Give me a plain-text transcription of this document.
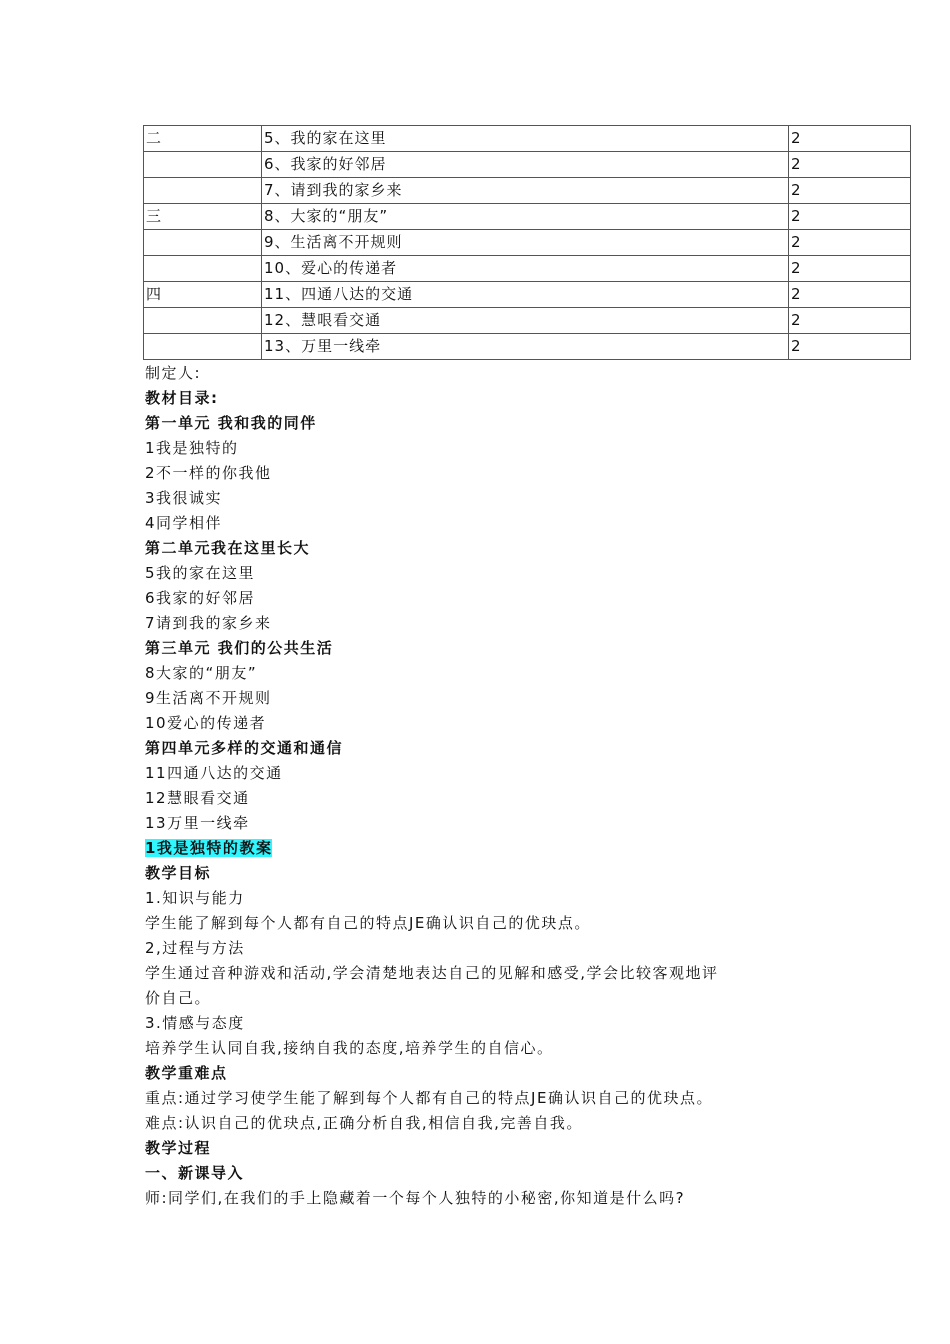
二	5、我的家在这里	2
	6、我家的好邻居	2
	7、请到我的家乡来	2
三	8、大家的“朋友”	2
	9、生活离不开规则	2
	10、爱心的传递者	2
四	11、四通八达的交通	2
	12、慧哏看交通	2
	13、万里一线牵	2
制定人:
教材目录:
第一单元 我和我的同伴
1我是独特的
2不一样的你我他
3我很诚实
4同学相伴
第二单元我在这里长大
5我的家在这里
6我家的好邻居
7请到我的家乡来
第三单元 我们的公共生活
8大家的“朋友”
9生活离不开规则
10爱心的传递者
第四单元多样的交通和通信
11四通八达的交通
12慧眼看交通
13万里一线牵
1我是独特的教案
教学目标
1.知识与能力
学生能了解到每个人都有自己的特点JE确认识自己的优玦点。
2,过程与方法
学生通过音种游戏和活动,学会清楚地表达自己的见解和感受,学会比较客观地评
价自己。
3.情感与态度
培养学生认同自我,接纳自我的态度,培养学生的自信心。
教学重难点
重点:通过学习使学生能了解到每个人都有自己的特点JE确认识自己的优玦点。
难点:认识自己的优玦点,正确分析自我,相信自我,完善自我。
教学过程
一、新课导入
师:同学们,在我们的手上隐藏着一个每个人独特的小秘密,你知道是什么吗?
